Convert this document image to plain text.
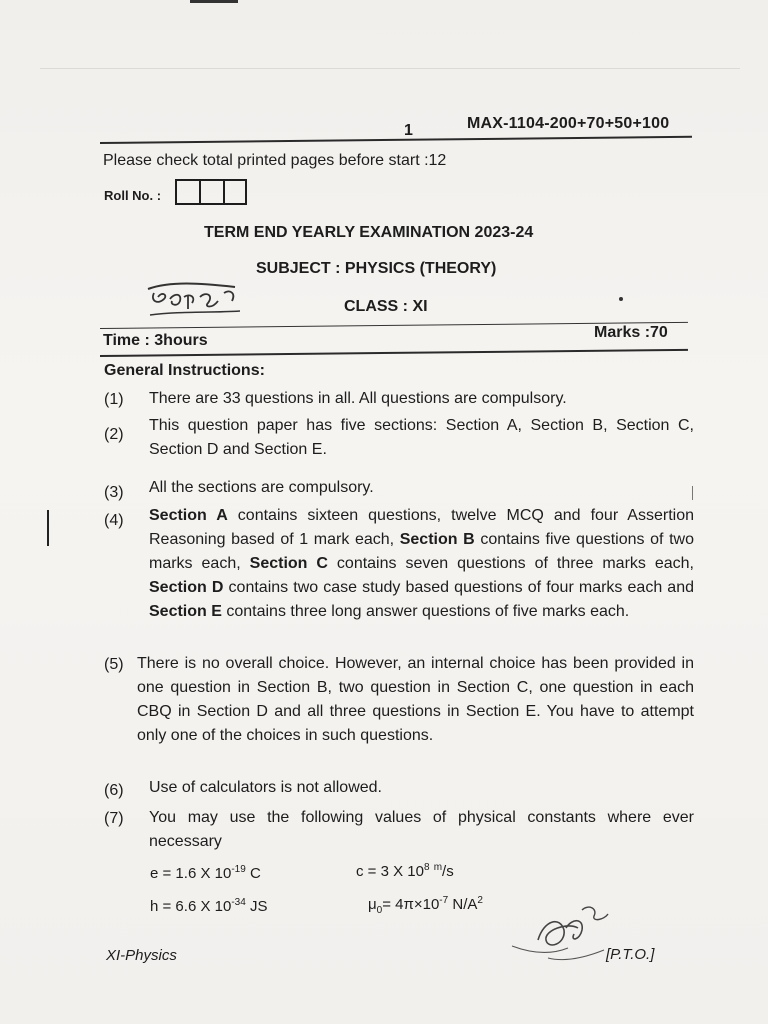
1	MAX-1104-200+70+50+100
Please check total printed pages before start :12
Roll No. :
TERM END YEARLY EXAMINATION 2023-24
SUBJECT : PHYSICS (THEORY)
CLASS : XI
Time : 3hours	Marks :70
General Instructions:
(1) There are 33 questions in all. All questions are compulsory.
(2)
This question paper has five sections: Section A, Section B, Section C, Section D and Section E.
(3) All the sections are compulsory.
(4) Section A contains sixteen questions, twelve MCQ and four Assertion Reasoning based of 1 mark each, Section B contains five questions of two marks each, Section C contains seven questions of three marks each, Section D contains two case study based questions of four marks each and Section E contains three long answer questions of five marks each.
(5) There is no overall choice. However, an internal choice has been provided in one question in Section B, two question in Section C, one question in each CBQ in Section D and all three questions in Section E. You have to attempt only one of the choices in such questions.
(6) Use of calculators is not allowed.
(7) You may use the following values of physical constants where ever necessary
e = 1.6 X $10^{-19}$ C	c = 3 X $10^8$ $^m$/s
h = 6.6 X $10^{-34}$ JS	$\mu_0= 4\pi\times 10^{-7}$ $N/A^2$
XI-Physics	[P.T.O.]
